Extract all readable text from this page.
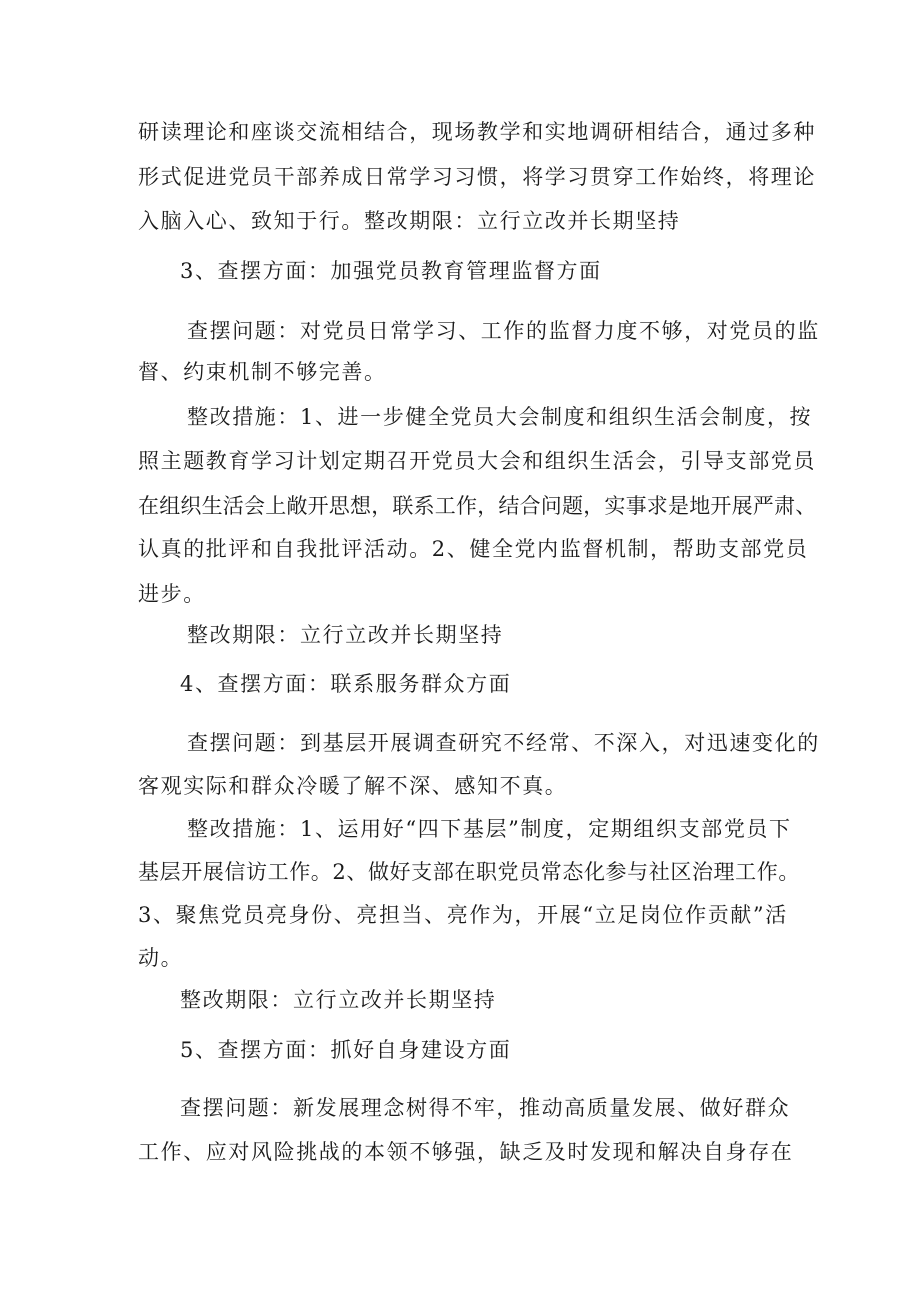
研读理论和座谈交流相结合，现场教学和实地调研相结合，通过多种
形式促进党员干部养成日常学习习惯，将学习贯穿工作始终，将理论
入脑入心、致知于行。整改期限：立行立改并长期坚持
3、查摆方面：加强党员教育管理监督方面
查摆问题：对党员日常学习、工作的监督力度不够，对党员的监
督、约束机制不够完善。
整改措施：1、进一步健全党员大会制度和组织生活会制度，按
照主题教育学习计划定期召开党员大会和组织生活会，引导支部党员
在组织生活会上敞开思想，联系工作，结合问题，实事求是地开展严肃、
认真的批评和自我批评活动。2、健全党内监督机制，帮助支部党员
进步。
整改期限：立行立改并长期坚持
4、查摆方面：联系服务群众方面
查摆问题：到基层开展调查研究不经常、不深入，对迅速变化的
客观实际和群众冷暖了解不深、感知不真。
整改措施：1、运用好“四下基层”制度，定期组织支部党员下
基层开展信访工作。2、做好支部在职党员常态化参与社区治理工作。
3、聚焦党员亮身份、亮担当、亮作为，开展“立足岗位作贡献”活
动。
整改期限：立行立改并长期坚持
5、查摆方面：抓好自身建设方面
查摆问题：新发展理念树得不牢，推动高质量发展、做好群众
工作、应对风险挑战的本领不够强，缺乏及时发现和解决自身存在
